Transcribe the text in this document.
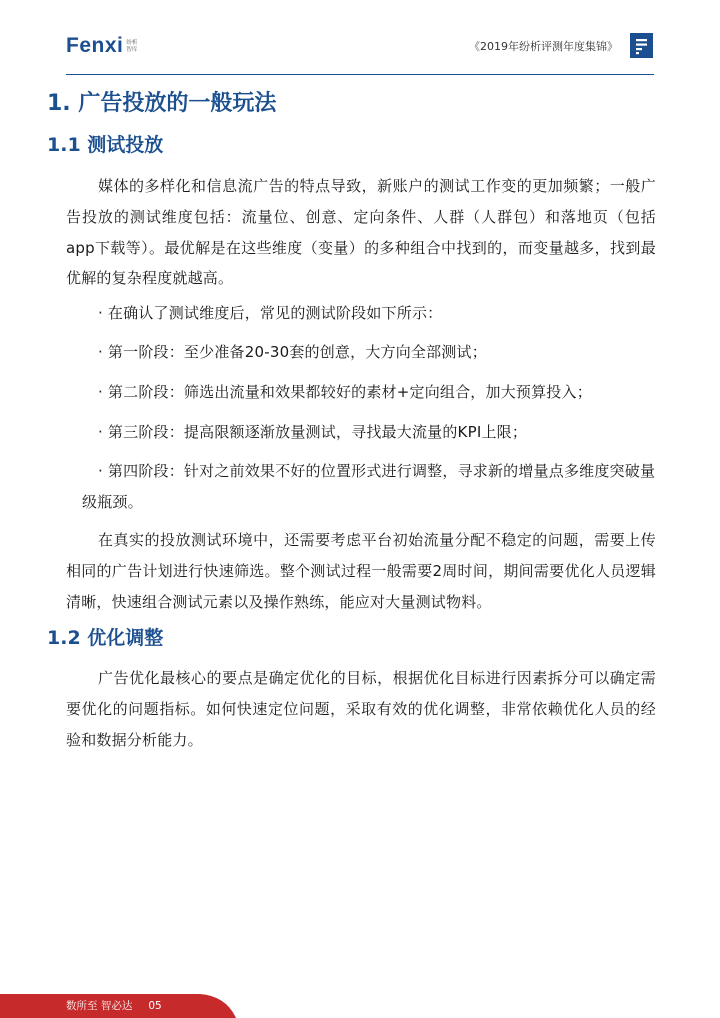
Fenxi 纷析
智库	《2019年纷析评测年度集锦》
1. 广告投放的一般玩法
1.1 测试投放
媒体的多样化和信息流广告的特点导致，新账户的测试工作变的更加频繁；一般广告投放的测试维度包括：流量位、创意、定向条件、人群（人群包）和落地页（包括app下载等）。最优解是在这些维度（变量）的多种组合中找到的，而变量越多，找到最优解的复杂程度就越高。
· 在确认了测试维度后，常见的测试阶段如下所示：
· 第一阶段：至少准备20-30套的创意，大方向全部测试；
· 第二阶段：筛选出流量和效果都较好的素材+定向组合，加大预算投入；
· 第三阶段：提高限额逐渐放量测试，寻找最大流量的KPI上限；
· 第四阶段：针对之前效果不好的位置形式进行调整，寻求新的增量点多维度突破量级瓶颈。
在真实的投放测试环境中，还需要考虑平台初始流量分配不稳定的问题，需要上传相同的广告计划进行快速筛选。整个测试过程一般需要2周时间，期间需要优化人员逻辑清晰，快速组合测试元素以及操作熟练，能应对大量测试物料。
1.2 优化调整
广告优化最核心的要点是确定优化的目标，根据优化目标进行因素拆分可以确定需要优化的问题指标。如何快速定位问题，采取有效的优化调整，非常依赖优化人员的经验和数据分析能力。
数所至 智必达 05
